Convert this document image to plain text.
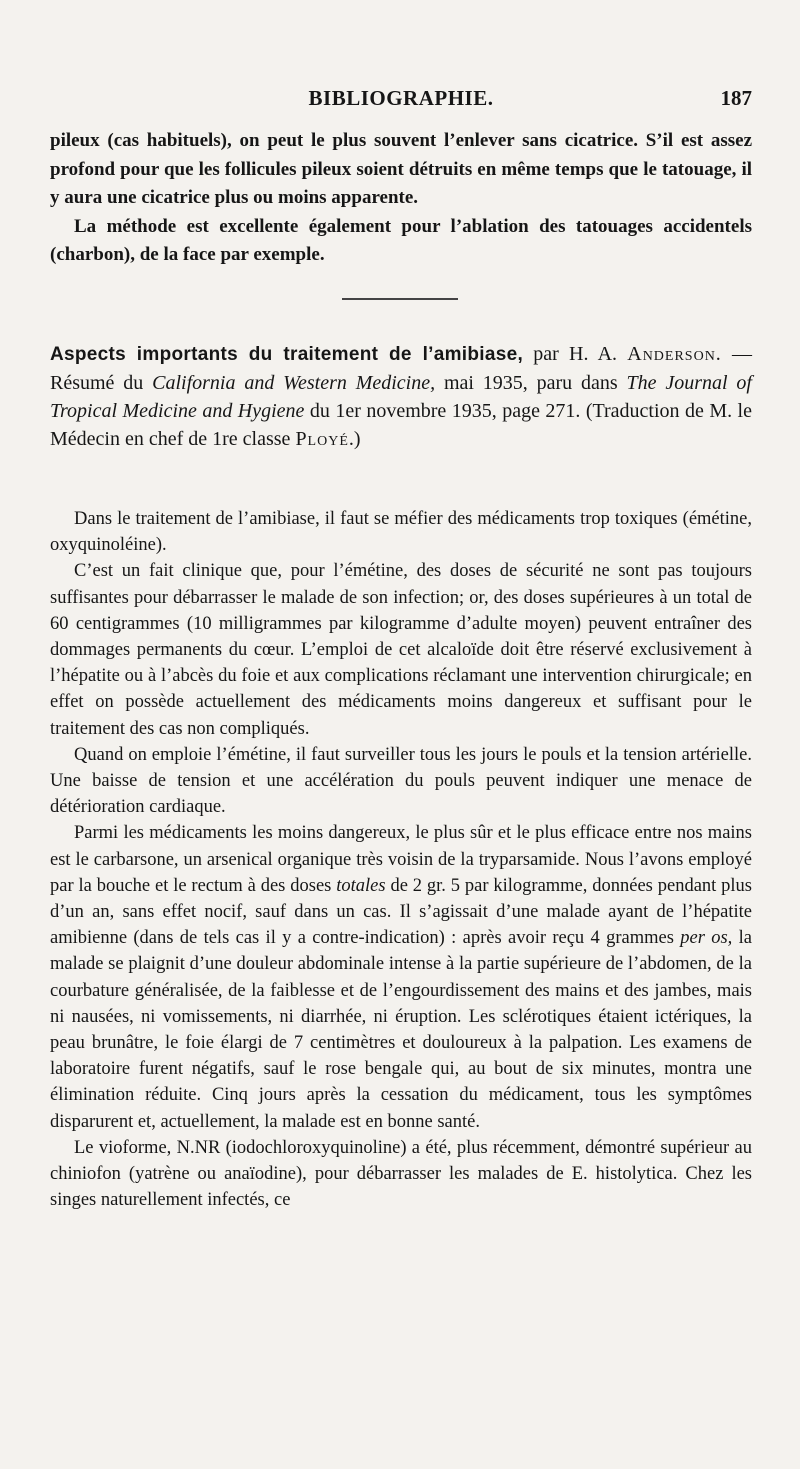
BIBLIOGRAPHIE.	187
pileux (cas habituels), on peut le plus souvent l’enlever sans cicatrice. S’il est assez profond pour que les follicules pileux soient détruits en même temps que le tatouage, il y aura une cicatrice plus ou moins apparente.
La méthode est excellente également pour l’ablation des tatouages accidentels (charbon), de la face par exemple.
Aspects importants du traitement de l’amibiase, par H. A. Anderson. — Résumé du California and Western Medicine, mai 1935, paru dans The Journal of Tropical Medicine and Hygiene du 1er novembre 1935, page 271. (Traduction de M. le Médecin en chef de 1re classe Ployé.)

Dans le traitement de l’amibiase, il faut se méfier des médicaments trop toxiques (émétine, oxyquinoléine).

C’est un fait clinique que, pour l’émétine, des doses de sécurité ne sont pas toujours suffisantes pour débarrasser le malade de son infection; or, des doses supérieures à un total de 60 centigrammes (10 milligrammes par kilogramme d’adulte moyen) peuvent entraîner des dommages permanents du cœur. L’emploi de cet alcaloïde doit être réservé exclusivement à l’hépatite ou à l’abcès du foie et aux complications réclamant une intervention chirurgicale; en effet on possède actuellement des médicaments moins dangereux et suffisant pour le traitement des cas non compliqués.

Quand on emploie l’émétine, il faut surveiller tous les jours le pouls et la tension artérielle. Une baisse de tension et une accélération du pouls peuvent indiquer une menace de détérioration cardiaque.

Parmi les médicaments les moins dangereux, le plus sûr et le plus efficace entre nos mains est le carbarsone, un arsenical organique très voisin de la tryparsamide. Nous l’avons employé par la bouche et le rectum à des doses totales de 2 gr. 5 par kilogramme, données pendant plus d’un an, sans effet nocif, sauf dans un cas. Il s’agissait d’une malade ayant de l’hépatite amibienne (dans de tels cas il y a contre-indication) : après avoir reçu 4 grammes per os, la malade se plaignit d’une douleur abdominale intense à la partie supérieure de l’abdomen, de la courbature généralisée, de la faiblesse et de l’engourdissement des mains et des jambes, mais ni nausées, ni vomissements, ni diarrhée, ni éruption. Les sclérotiques étaient ictériques, la peau brunâtre, le foie élargi de 7 centimètres et douloureux à la palpation. Les examens de laboratoire furent négatifs, sauf le rose bengale qui, au bout de six minutes, montra une élimination réduite. Cinq jours après la cessation du médicament, tous les symptômes disparurent et, actuellement, la malade est en bonne santé.

Le vioforme, N.NR (iodochloroxyquinoline) a été, plus récemment, démontré supérieur au chiniofon (yatrène ou anaïodine), pour débarrasser les malades de E. histolytica. Chez les singes naturellement infectés, ce
